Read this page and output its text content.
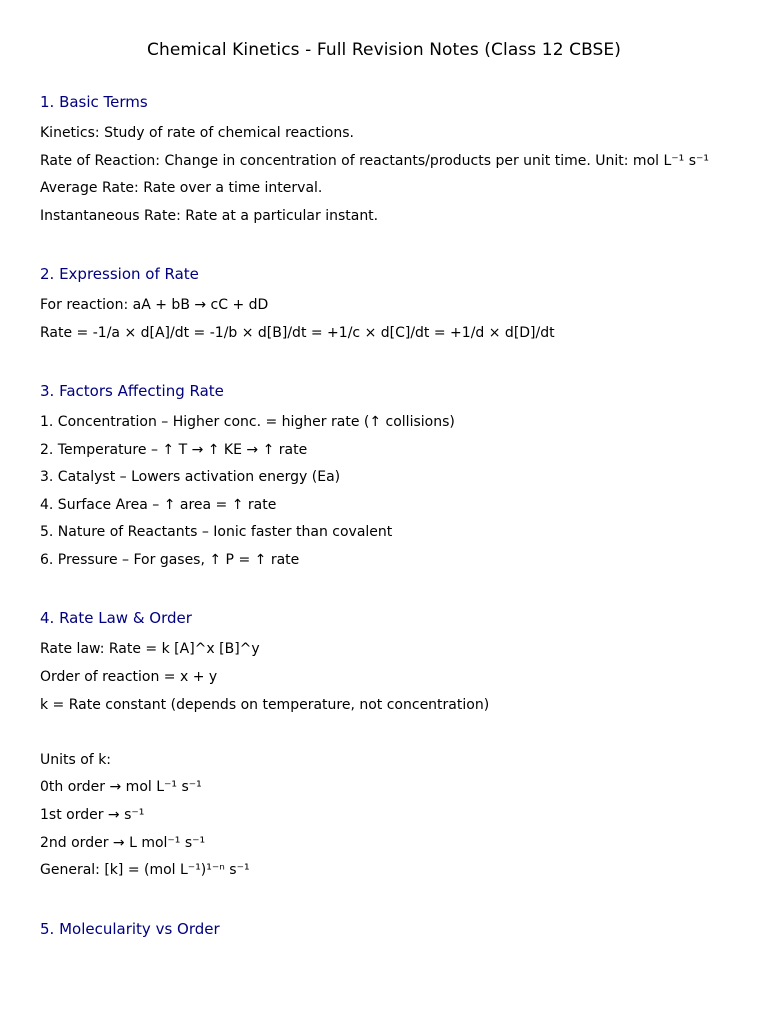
Chemical Kinetics - Full Revision Notes (Class 12 CBSE)
1. Basic Terms
Kinetics: Study of rate of chemical reactions.
Rate of Reaction: Change in concentration of reactants/products per unit time. Unit: mol L⁻¹ s⁻¹
Average Rate: Rate over a time interval.
Instantaneous Rate: Rate at a particular instant.
2. Expression of Rate
For reaction: aA + bB → cC + dD
Rate = -1/a × d[A]/dt = -1/b × d[B]/dt = +1/c × d[C]/dt = +1/d × d[D]/dt
3. Factors Affecting Rate
1. Concentration – Higher conc. = higher rate (↑ collisions)
2. Temperature – ↑ T → ↑ KE → ↑ rate
3. Catalyst – Lowers activation energy (Ea)
4. Surface Area – ↑ area = ↑ rate
5. Nature of Reactants – Ionic faster than covalent
6. Pressure – For gases, ↑ P = ↑ rate
4. Rate Law & Order
Rate law: Rate = k [A]^x [B]^y
Order of reaction = x + y
k = Rate constant (depends on temperature, not concentration)
Units of k:
0th order → mol L⁻¹ s⁻¹
1st order → s⁻¹
2nd order → L mol⁻¹ s⁻¹
General: [k] = (mol L⁻¹)¹⁻ⁿ s⁻¹
5. Molecularity vs Order
